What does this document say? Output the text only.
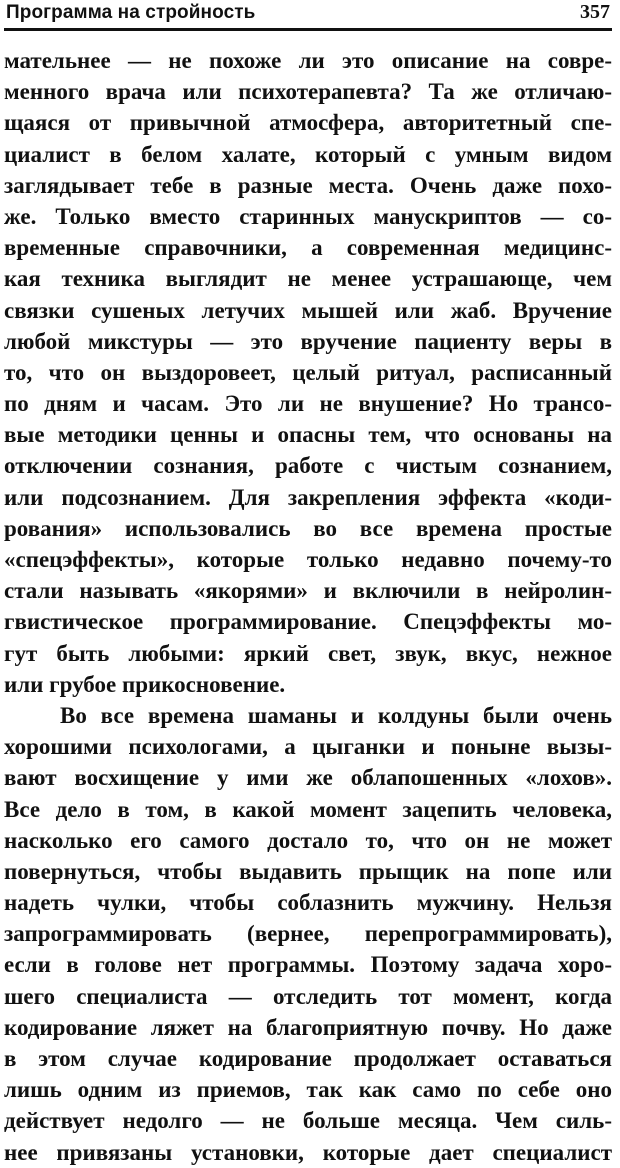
Программа на стройность	357
мательнее — не похоже ли это описание на совре-
менного врача или психотерапевта? Та же отличаю-
щаяся от привычной атмосфера, авторитетный спе-
циалист в белом халате, который с умным видом
заглядывает тебе в разные места. Очень даже похо-
же. Только вместо старинных манускриптов — со-
временные справочники, а современная медицинс-
кая техника выглядит не менее устрашающе, чем
связки сушеных летучих мышей или жаб. Вручение
любой микстуры — это вручение пациенту веры в
то, что он выздоровеет, целый ритуал, расписанный
по дням и часам. Это ли не внушение? Но трансо-
вые методики ценны и опасны тем, что основаны на
отключении сознания, работе с чистым сознанием,
или подсознанием. Для закрепления эффекта «коди-
рования» использовались во все времена простые
«спецэффекты», которые только недавно почему-то
стали называть «якорями» и включили в нейролин-
гвистическое программирование. Спецэффекты мо-
гут быть любыми: яркий свет, звук, вкус, нежное
или грубое прикосновение.
Во все времена шаманы и колдуны были очень
хорошими психологами, а цыганки и поныне вызы-
вают восхищение у ими же облапошенных «лохов».
Все дело в том, в какой момент зацепить человека,
насколько его самого достало то, что он не может
повернуться, чтобы выдавить прыщик на попе или
надеть чулки, чтобы соблазнить мужчину. Нельзя
запрограммировать (вернее, перепрограммировать),
если в голове нет программы. Поэтому задача хоро-
шего специалиста — отследить тот момент, когда
кодирование ляжет на благоприятную почву. Но даже
в этом случае кодирование продолжает оставаться
лишь одним из приемов, так как само по себе оно
действует недолго — не больше месяца. Чем силь-
нее привязаны установки, которые дает специалист
